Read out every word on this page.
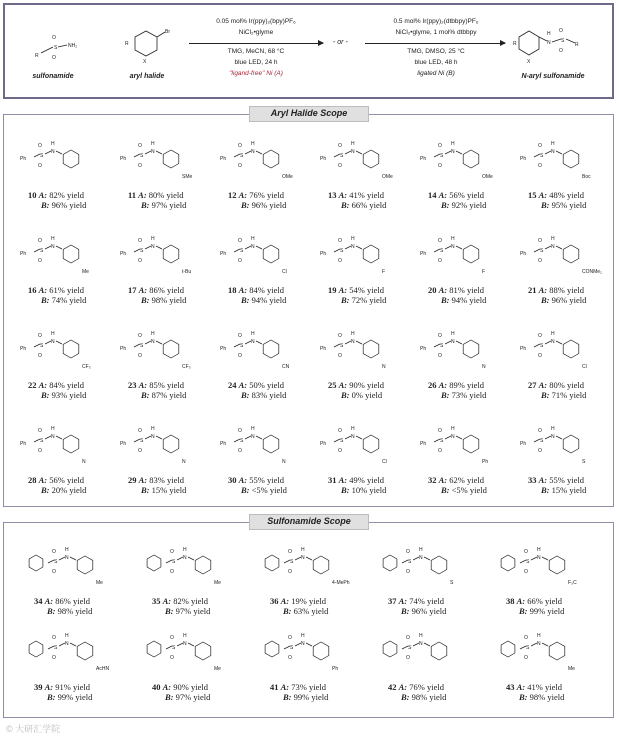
R
S
O
O
NH₂
sulfonamide
Br
R
X
aryl halide
0.05 mol% Ir(ppy)₂(bpy)PF₆
NiCl₂•glyme
TMG, MeCN, 68 °C
blue LED, 24 h
"ligand-free" Ni (A)
- or -
0.5 mol% Ir(ppy)₂(dtbbpy)PF₆
NiCl₂•glyme, 1 mol% dtbbpy
TMG, DMSO, 25 °C
blue LED, 48 h
ligated Ni (B)
R
X
N
H
S
O
O
R
N-aryl sulfonamide
Aryl Halide Scope
Ph	S
O
O
N
H
10 A: 82% yield
B: 96% yield
Ph	S
O
O
N
H
SMe
11 A: 80% yield
B: 97% yield
Ph	S
O
O
N
H
OMe
12 A: 76% yield
B: 96% yield
Ph	S
O
O
N
H
OMe
13 A: 41% yield
B: 66% yield
Ph	S
O
O
N
H
OMe
14 A: 56% yield
B: 92% yield
Ph	S
O
O
N
H
Boc
15 A: 48% yield
B: 95% yield
Ph	S
O
O
N
H
Me
16 A: 61% yield
B: 74% yield
Ph	S
O
O
N
H
t-Bu
17 A: 86% yield
B: 98% yield
Ph	S
O
O
N
H
Cl
18 A: 84% yield
B: 94% yield
Ph	S
O
O
N
H
F
19 A: 54% yield
B: 72% yield
Ph	S
O
O
N
H
F
20 A: 81% yield
B: 94% yield
Ph	S
O
O
N
H
CONMe₂
21 A: 88% yield
B: 96% yield
Ph	S
O
O
N
H
CF₃
22 A: 84% yield
B: 93% yield
Ph	S
O
O
N
H
CF₃
23 A: 85% yield
B: 87% yield
Ph	S
O
O
N
H
CN
24 A: 50% yield
B: 83% yield
Ph	S
O
O
N
H
N
25 A: 90% yield
B: 0% yield
Ph	S
O
O
N
H
N
26 A: 89% yield
B: 73% yield
Ph	S
O
O
N
H
Cl
27 A: 80% yield
B: 71% yield
Ph	S
O
O
N
H
N
28 A: 56% yield
B: 20% yield
Ph	S
O
O
N
H
N
29 A: 83% yield
B: 15% yield
Ph	S
O
O
N
H
N
30 A: 55% yield
B: <5% yield
Ph	S
O
O
N
H
Cl
31 A: 49% yield
B: 10% yield
Ph	S
O
O
N
H
Ph
32 A: 62% yield
B: <5% yield
Ph	S
O
O
N
H
S
33 A: 55% yield
B: 15% yield
Sulfonamide Scope
S
O
O
N
H
Me
34 A: 86% yield
B: 98% yield
S
O
O
N
H
Me
35 A: 82% yield
B: 97% yield
S
O
O
N
H
4-MePh
36 A: 19% yield
B: 63% yield
S
O
O
N
H
S
37 A: 74% yield
B: 96% yield
S
O
O
N
H
F₃C
38 A: 66% yield
B: 99% yield
S
O
O
N
H
AcHN
39 A: 91% yield
B: 99% yield
S
O
O
N
H
Me
40 A: 90% yield
B: 97% yield
S
O
O
N
H
Ph
41 A: 73% yield
B: 99% yield
S
O
O
N
H
42 A: 76% yield
B: 98% yield
S
O
O
N
H
Me
43 A: 41% yield
B: 98% yield
© 大研汇学院
